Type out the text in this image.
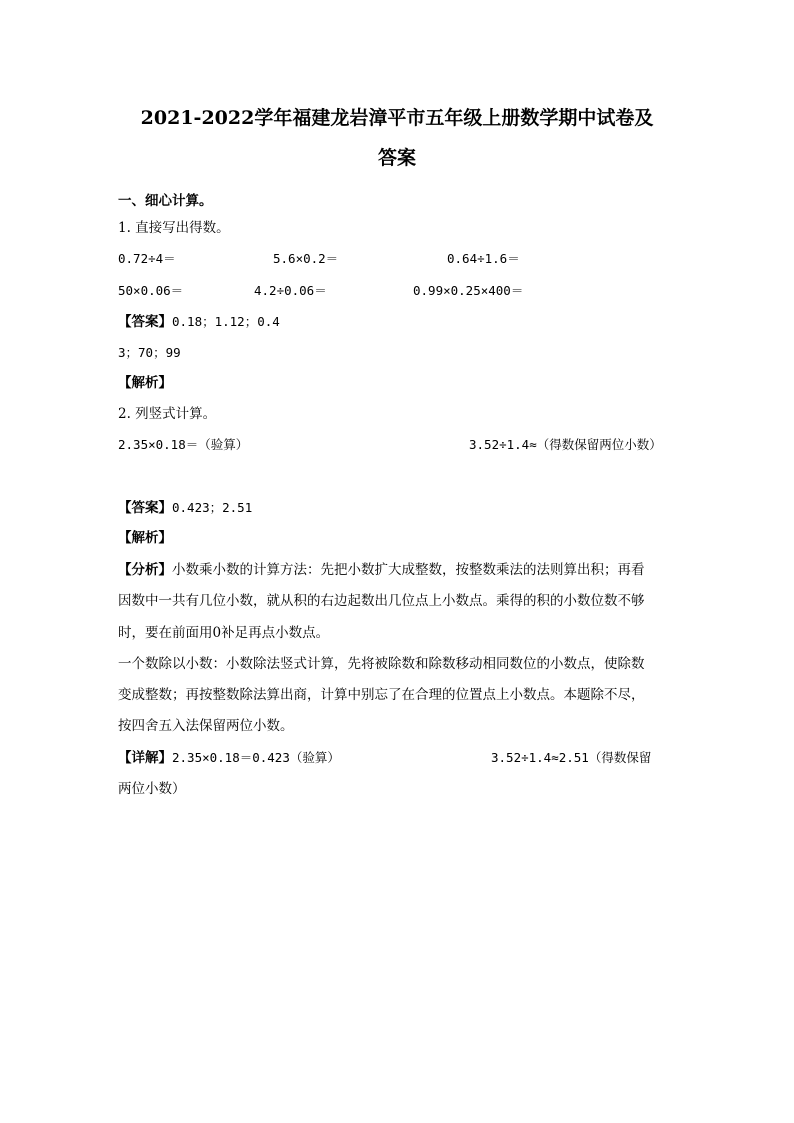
2021-2022学年福建龙岩漳平市五年级上册数学期中试卷及
答案
一、细心计算。
1. 直接写出得数。
0.72÷4＝	5.6×0.2＝	0.64÷1.6＝
50×0.06＝	4.2÷0.06＝	0.99×0.25×400＝
【答案】0.18；1.12；0.4
3；70；99
【解析】
2. 列竖式计算。
2.35×0.18＝（验算）	3.52÷1.4≈（得数保留两位小数）
【答案】0.423；2.51
【解析】
【分析】小数乘小数的计算方法：先把小数扩大成整数，按整数乘法的法则算出积；再看
因数中一共有几位小数，就从积的右边起数出几位点上小数点。乘得的积的小数位数不够
时，要在前面用0补足再点小数点。
一个数除以小数：小数除法竖式计算，先将被除数和除数移动相同数位的小数点，使除数
变成整数；再按整数除法算出商，计算中别忘了在合理的位置点上小数点。本题除不尽，
按四舍五入法保留两位小数。
【详解】2.35×0.18＝0.423（验算）	3.52÷1.4≈2.51（得数保留
两位小数）
